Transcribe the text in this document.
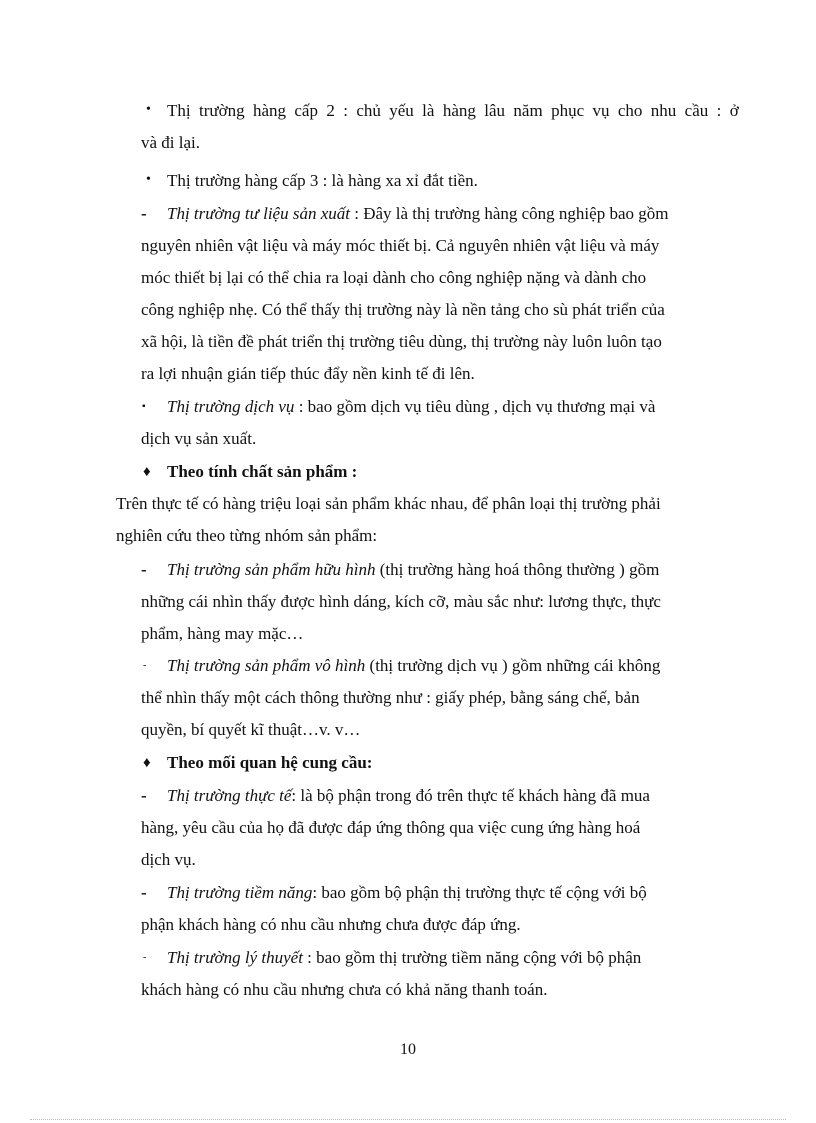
• Thị trường hàng cấp 2 : chủ yếu là hàng lâu năm phục vụ cho nhu cầu : ở
và đi lại.
• Thị trường hàng cấp 3 : là hàng xa xỉ đắt tiền.
- Thị trường tư liệu sản xuất : Đây là thị trường hàng công nghiệp bao gồm
nguyên nhiên vật liệu và máy móc thiết bị. Cả nguyên nhiên vật liệu và máy
móc thiết bị lại có thể chia ra loại dành cho công nghiệp nặng và dành cho
công nghiệp nhẹ. Có thể thấy thị trường này là nền tảng cho sù phát triển của
xã hội, là tiền đề phát triển thị trường tiêu dùng, thị trường này luôn luôn tạo
ra lợi nhuận gián tiếp thúc đẩy nền kinh tế đi lên.
▪ Thị trường dịch vụ : bao gồm dịch vụ tiêu dùng , dịch vụ thương mại và
dịch vụ sản xuất.
♦ Theo tính chất sản phẩm :
Trên thực tế có hàng triệu loại sản phẩm khác nhau, để phân loại thị trường phải
nghiên cứu theo từng nhóm sản phẩm:
- Thị trường sản phẩm hữu hình (thị trường hàng hoá thông thường ) gồm
những cái nhìn thấy được hình dáng, kích cỡ, màu sắc như: lương thực, thực
phẩm, hàng may mặc…
- Thị trường sản phẩm vô hình (thị trường dịch vụ ) gồm những cái không
thể nhìn thấy một cách thông thường như : giấy phép, bằng sáng chế, bản
quyền, bí quyết kĩ thuật…v. v…
♦ Theo mối quan hệ cung cầu:
- Thị trường thực tế: là bộ phận trong đó trên thực tế khách hàng đã mua
hàng, yêu cầu của họ đã được đáp ứng thông qua việc cung ứng hàng hoá
dịch vụ.
- Thị trường tiềm năng: bao gồm bộ phận thị trường thực tế cộng với bộ
phận khách hàng có nhu cầu nhưng chưa được đáp ứng.
- Thị trường lý thuyết : bao gồm thị trường tiềm năng cộng với bộ phận
khách hàng có nhu cầu nhưng chưa có khả năng thanh toán.
10
